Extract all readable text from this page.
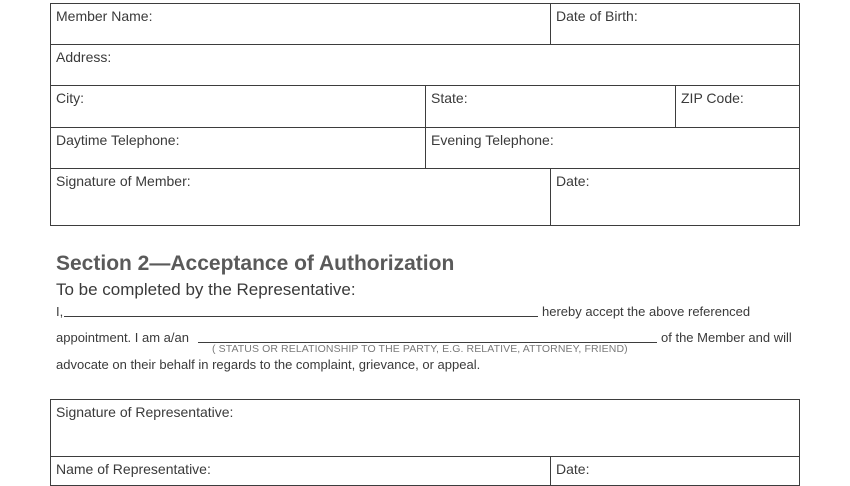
Member Name:	Date of Birth:
Address:
City:	State:	ZIP Code:
Daytime Telephone:	Evening Telephone:
Signature of Member:	Date:
Section 2—Acceptance of Authorization
To be completed by the Representative:
I,	hereby accept the above referenced
appointment. I am a/an
( STATUS OR RELATIONSHIP TO THE PARTY, E.G. RELATIVE, ATTORNEY, FRIEND)
of the Member and will
advocate on their behalf in regards to the complaint, grievance, or appeal.
Signature of Representative:
Name of Representative:	Date:
